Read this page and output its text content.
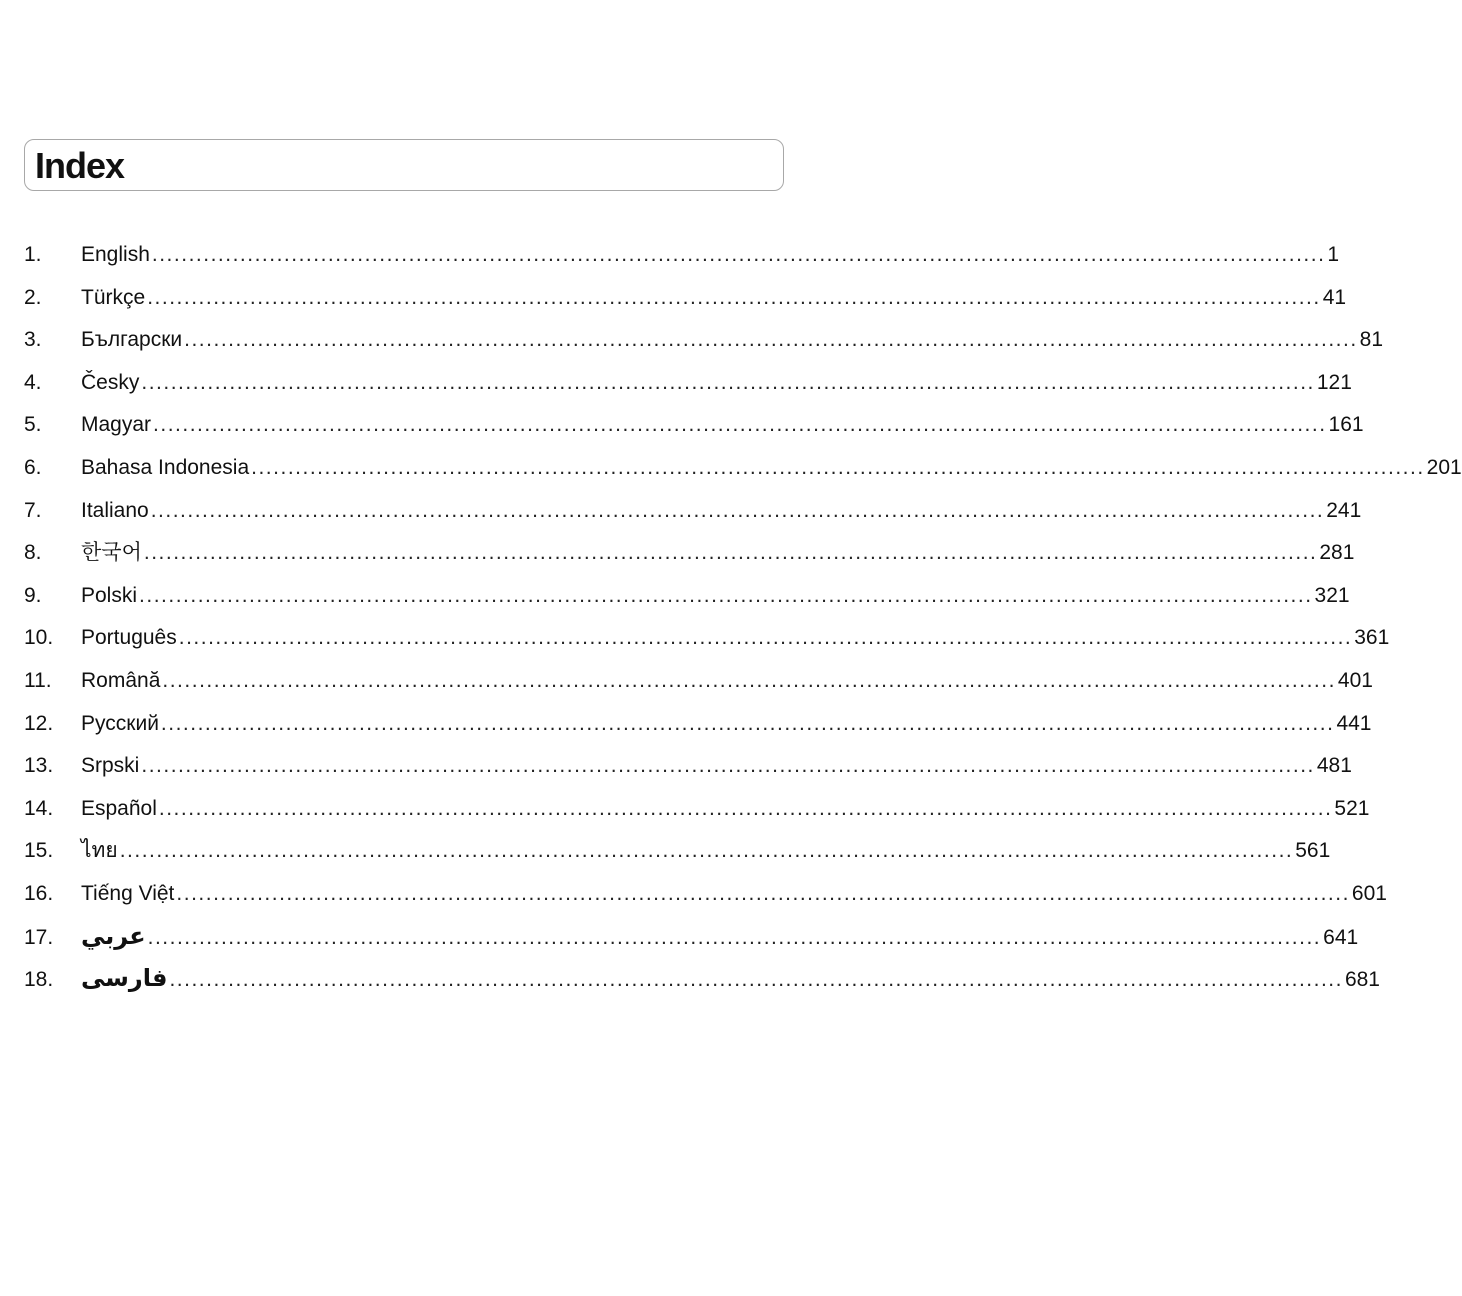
Index
1.	English ................................................................................................................................................................ 1
2.	Türkçe ................................................................................................................................................................ 41
3.	Български ................................................................................................................................................................ 81
4.	Česky ................................................................................................................................................................ 121
5.	Magyar ................................................................................................................................................................ 161
6.	Bahasa Indonesia ................................................................................................................................................................ 201
7.	Italiano ................................................................................................................................................................ 241
8.	한국어 ................................................................................................................................................................ 281
9.	Polski ................................................................................................................................................................ 321
10.	Português ................................................................................................................................................................ 361
11.	Română ................................................................................................................................................................ 401
12.	Русский ................................................................................................................................................................ 441
13.	Srpski ................................................................................................................................................................ 481
14.	Español ................................................................................................................................................................ 521
15.	ไทย ................................................................................................................................................................ 561
16.	Tiếng Việt ................................................................................................................................................................ 601
17.	عربي ................................................................................................................................................................ 641
18.	فارسی ................................................................................................................................................................ 681
